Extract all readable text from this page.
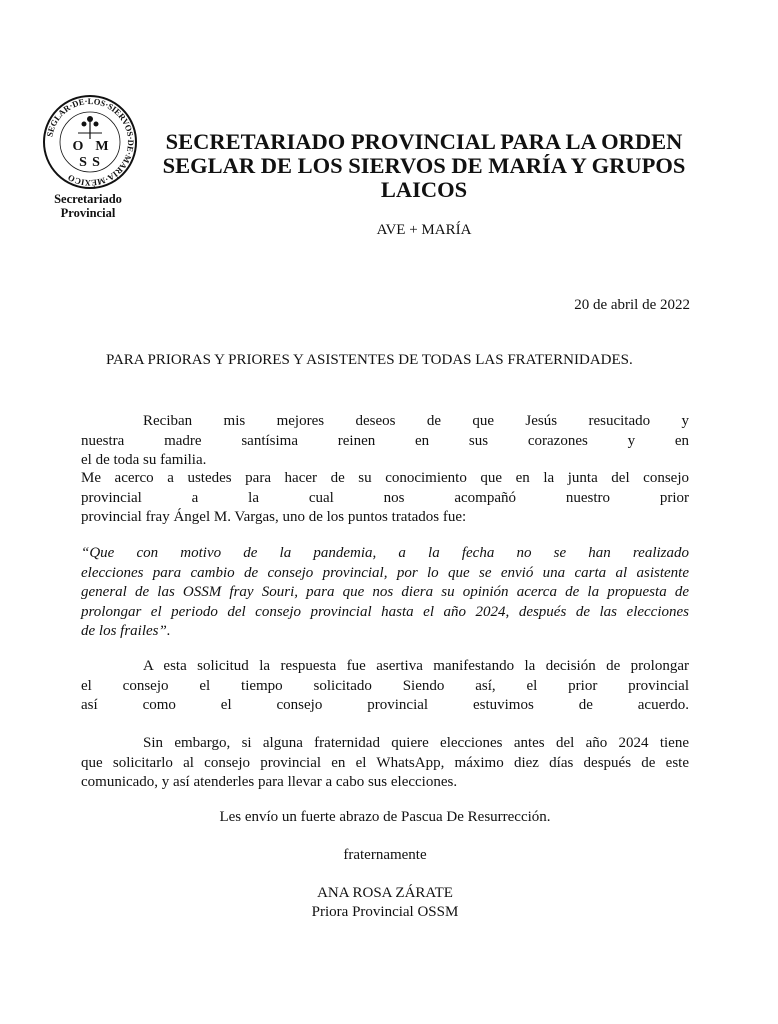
SEGLAR·DE·LOS·SIERVOS·DE·MARÍA·MÉXICO
O M
S S
Secretariado
Provincial
SECRETARIADO PROVINCIAL PARA LA ORDEN
SEGLAR DE LOS SIERVOS DE MARÍA Y GRUPOS
LAICOS
AVE + MARÍA
20 de abril de 2022
PARA PRIORAS Y PRIORES Y ASISTENTES DE TODAS LAS FRATERNIDADES.
Reciban mis mejores deseos de que Jesús resucitado y
nuestra madre santísima reinen en sus corazones y en
el de toda su familia.
Me acerco a ustedes para hacer de su conocimiento que en la junta del consejo
provincial a la cual nos acompañó nuestro prior
provincial fray Ángel M. Vargas, uno de los puntos tratados fue:
“Que con motivo de la pandemia, a la fecha no se han realizado
elecciones para cambio de consejo provincial, por lo que se envió una carta al asistente
general de las OSSM fray Souri, para que nos diera su opinión acerca de la propuesta de
prolongar el periodo del consejo provincial hasta el año 2024, después de las elecciones
de los frailes”.
A esta solicitud la respuesta fue asertiva manifestando la decisión de prolongar
el consejo el tiempo solicitado Siendo así, el prior provincial
así como el consejo provincial estuvimos de acuerdo.
Sin embargo, si alguna fraternidad quiere elecciones antes del año 2024 tiene
que solicitarlo al consejo provincial en el WhatsApp, máximo diez días después de este
comunicado, y así atenderles para llevar a cabo sus elecciones.
Les envío un fuerte abrazo de Pascua De Resurrección.
fraternamente
ANA ROSA ZÁRATE
Priora Provincial OSSM
